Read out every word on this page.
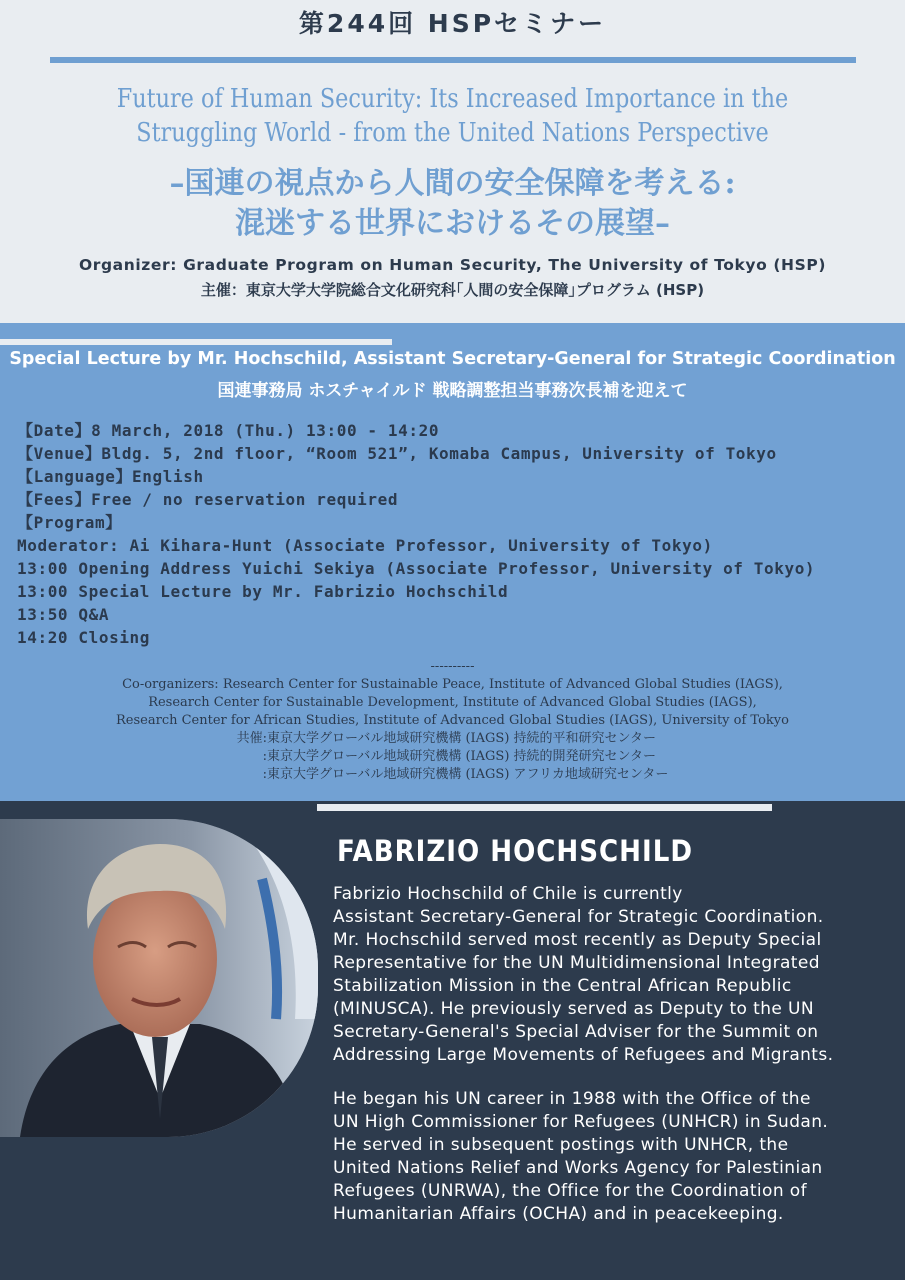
第244回 HSPセミナー
Future of Human Security: Its Increased Importance in the
Struggling World - from the United Nations Perspective
–国連の視点から人間の安全保障を考える:
混迷する世界におけるその展望–
Organizer: Graduate Program on Human Security, The University of Tokyo (HSP)
主催：東京大学大学院総合文化研究科｢人間の安全保障｣プログラム (HSP)
Special Lecture by Mr. Hochschild, Assistant Secretary-General for Strategic Coordination
国連事務局 ホスチャイルド 戦略調整担当事務次長補を迎えて
【Date】8 March, 2018 (Thu.) 13:00 - 14:20
【Venue】Bldg. 5, 2nd floor, “Room 521”, Komaba Campus, University of Tokyo
【Language】English
【Fees】Free / no reservation required
【Program】
Moderator: Ai Kihara-Hunt (Associate Professor, University of Tokyo)
13:00 Opening Address Yuichi Sekiya (Associate Professor, University of Tokyo)
13:00 Special Lecture by Mr. Fabrizio Hochschild
13:50 Q&A
14:20 Closing
----------
Co-organizers: Research Center for Sustainable Peace, Institute of Advanced Global Studies (IAGS),
Research Center for Sustainable Development, Institute of Advanced Global Studies (IAGS),
Research Center for African Studies, Institute of Advanced Global Studies (IAGS), University of Tokyo
共催:東京大学グローバル地域研究機構 (IAGS) 持続的平和研究センター
　　:東京大学グローバル地域研究機構 (IAGS) 持続的開発研究センター
　　:東京大学グローバル地域研究機構 (IAGS) アフリカ地域研究センター
FABRIZIO HOCHSCHILD
Fabrizio Hochschild of Chile is currently
Assistant Secretary-General for Strategic Coordination.
Mr. Hochschild served most recently as Deputy Special
Representative for the UN Multidimensional Integrated
Stabilization Mission in the Central African Republic
(MINUSCA). He previously served as Deputy to the UN
Secretary-General's Special Adviser for the Summit on
Addressing Large Movements of Refugees and Migrants.
He began his UN career in 1988 with the Office of the
UN High Commissioner for Refugees (UNHCR) in Sudan.
He served in subsequent postings with UNHCR, the
United Nations Relief and Works Agency for Palestinian
Refugees (UNRWA), the Office for the Coordination of
Humanitarian Affairs (OCHA) and in peacekeeping.
